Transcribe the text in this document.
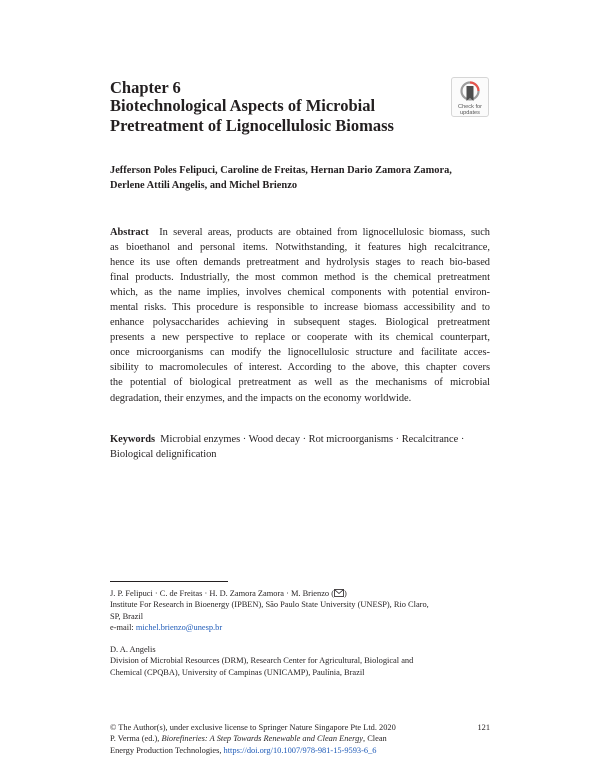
Chapter 6
Biotechnological Aspects of Microbial
Pretreatment of Lignocellulosic Biomass
Check for
updates
Jefferson Poles Felipuci, Caroline de Freitas, Hernan Dario Zamora Zamora,
Derlene Attili Angelis, and Michel Brienzo
Abstract In several areas, products are obtained from lignocellulosic biomass, such
as bioethanol and personal items. Notwithstanding, it features high recalcitrance,
hence its use often demands pretreatment and hydrolysis stages to reach bio-based
final products. Industrially, the most common method is the chemical pretreatment
which, as the name implies, involves chemical components with potential environ-
mental risks. This procedure is responsible to increase biomass accessibility and to
enhance polysaccharides achieving in subsequent stages. Biological pretreatment
presents a new perspective to replace or cooperate with its chemical counterpart,
once microorganisms can modify the lignocellulosic structure and facilitate acces-
sibility to macromolecules of interest. According to the above, this chapter covers
the potential of biological pretreatment as well as the mechanisms of microbial
degradation, their enzymes, and the impacts on the economy worldwide.
Keywords Microbial enzymes · Wood decay · Rot microorganisms · Recalcitrance ·
Biological delignification
J. P. Felipuci · C. de Freitas · H. D. Zamora Zamora · M. Brienzo ( )
Institute For Research in Bioenergy (IPBEN), São Paulo State University (UNESP), Rio Claro,
SP, Brazil
e-mail: michel.brienzo@unesp.br
D. A. Angelis
Division of Microbial Resources (DRM), Research Center for Agricultural, Biological and
Chemical (CPQBA), University of Campinas (UNICAMP), Paulínia, Brazil
© The Author(s), under exclusive license to Springer Nature Singapore Pte Ltd. 2020
P. Verma (ed.), Biorefineries: A Step Towards Renewable and Clean Energy, Clean
Energy Production Technologies, https://doi.org/10.1007/978-981-15-9593-6_6
121
